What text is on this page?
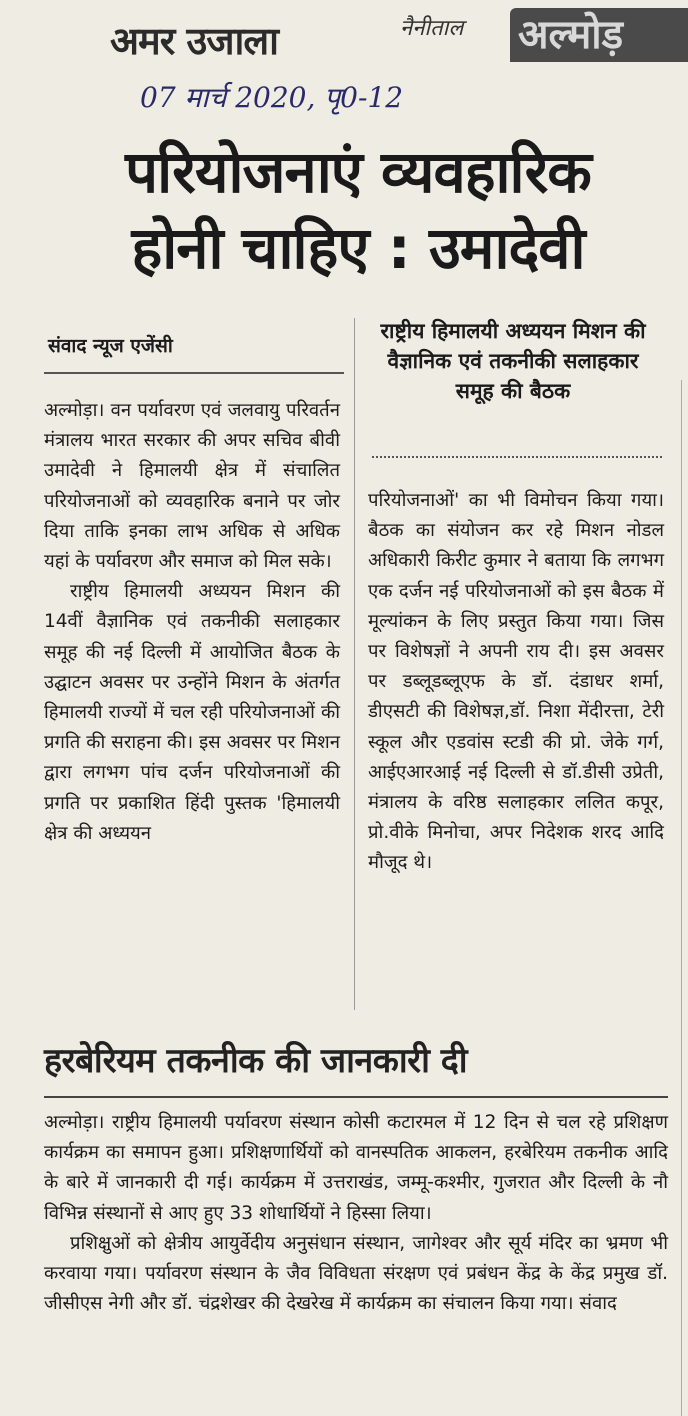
अमर उजाला	नैनीताल अल्मोड़
07 मार्च 2020, पृ0-12
परियोजनाएं व्यवहारिक
होनी चाहिए : उमादेवी
संवाद न्यूज एजेंसी
राष्ट्रीय हिमालयी अध्ययन मिशन की वैज्ञानिक एवं तकनीकी सलाहकार समूह की बैठक

अल्मोड़ा। वन पर्यावरण एवं जलवायु परिवर्तन मंत्रालय भारत सरकार की अपर सचिव बीवी उमादेवी ने हिमालयी क्षेत्र में संचालित परियोजनाओं को व्यवहारिक बनाने पर जोर दिया ताकि इनका लाभ अधिक से अधिक यहां के पर्यावरण और समाज को मिल सके।

राष्ट्रीय हिमालयी अध्ययन मिशन की 14वीं वैज्ञानिक एवं तकनीकी सलाहकार समूह की नई दिल्ली में आयोजित बैठक के उद्घाटन अवसर पर उन्होंने मिशन के अंतर्गत हिमालयी राज्यों में चल रही परियोजनाओं की प्रगति की सराहना की। इस अवसर पर मिशन द्वारा लगभग पांच दर्जन परियोजनाओं की प्रगति पर प्रकाशित हिंदी पुस्तक 'हिमालयी क्षेत्र की अध्ययन

परियोजनाओं' का भी विमोचन किया गया। बैठक का संयोजन कर रहे मिशन नोडल अधिकारी किरीट कुमार ने बताया कि लगभग एक दर्जन नई परियोजनाओं को इस बैठक में मूल्यांकन के लिए प्रस्तुत किया गया। जिस पर विशेषज्ञों ने अपनी राय दी। इस अवसर पर डब्लूडब्लूएफ के डॉ. दंडाधर शर्मा, डीएसटी की विशेषज्ञ,डॉ. निशा मेंदीरत्ता, टेरी स्कूल और एडवांस स्टडी की प्रो. जेके गर्ग, आईएआरआई नई दिल्ली से डॉ.डीसी उप्रेती, मंत्रालय के वरिष्ठ सलाहकार ललित कपूर, प्रो.वीके मिनोचा, अपर निदेशक शरद आदि मौजूद थे।

हरबेरियम तकनीक की जानकारी दी

अल्मोड़ा। राष्ट्रीय हिमालयी पर्यावरण संस्थान कोसी कटारमल में 12 दिन से चल रहे प्रशिक्षण कार्यक्रम का समापन हुआ। प्रशिक्षणार्थियों को वानस्पतिक आकलन, हरबेरियम तकनीक आदि के बारे में जानकारी दी गई। कार्यक्रम में उत्तराखंड, जम्मू-कश्मीर, गुजरात और दिल्ली के नौ विभिन्न संस्थानों से आए हुए 33 शोधार्थियों ने हिस्सा लिया।

प्रशिक्षुओं को क्षेत्रीय आयुर्वेदीय अनुसंधान संस्थान, जागेश्वर और सूर्य मंदिर का भ्रमण भी करवाया गया। पर्यावरण संस्थान के जैव विविधता संरक्षण एवं प्रबंधन केंद्र के केंद्र प्रमुख डॉ. जीसीएस नेगी और डॉ. चंद्रशेखर की देखरेख में कार्यक्रम का संचालन किया गया। संवाद
